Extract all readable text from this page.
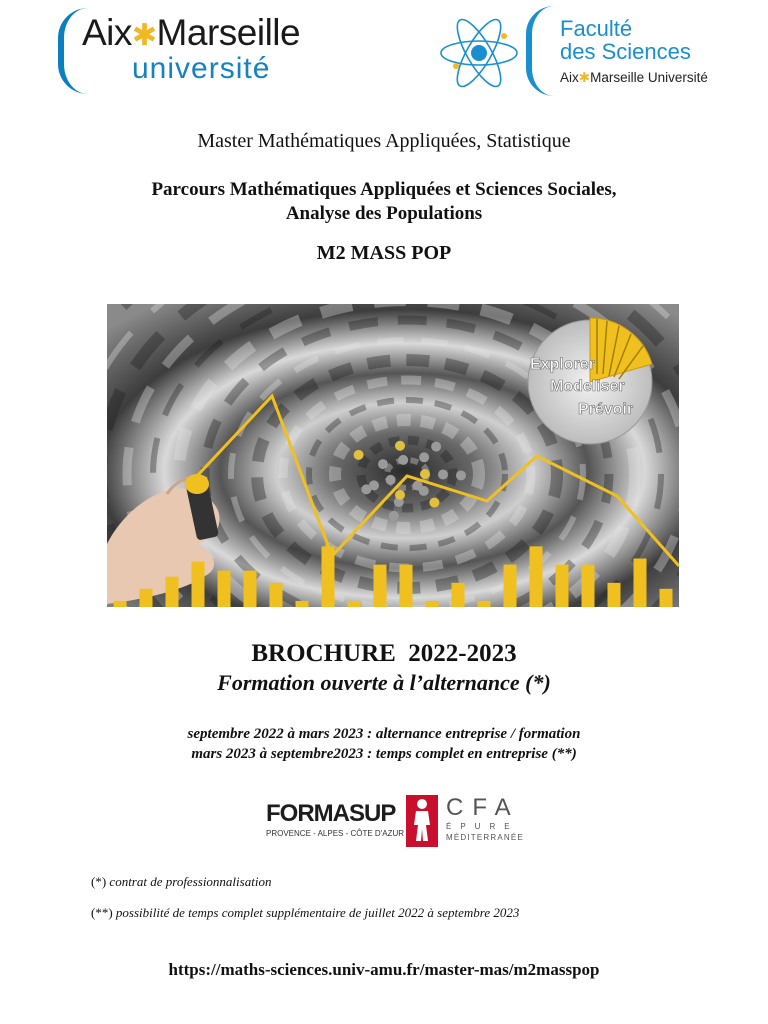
Aix✱Marseille
université
Faculté
des Sciences
Aix✱Marseille Université
Master Mathématiques Appliquées, Statistique
Parcours Mathématiques Appliquées et Sciences Sociales,
Analyse des Populations
M2 MASS POP
Explorer
Modeliser
Prévoir
BROCHURE  2022-2023
Formation ouverte à l’alternance (*)
septembre 2022 à mars 2023 : alternance entreprise / formation
mars 2023 à septembre2023 : temps complet en entreprise (**)
FORMASUP
PROVENCE - ALPES - CÔTE D'AZUR
CFA
ÉPURE
MÉDITERRANÉE
(*) contrat de professionnalisation
(**) possibilité de temps complet supplémentaire de juillet 2022 à septembre 2023
https://maths-sciences.univ-amu.fr/master-mas/m2masspop
